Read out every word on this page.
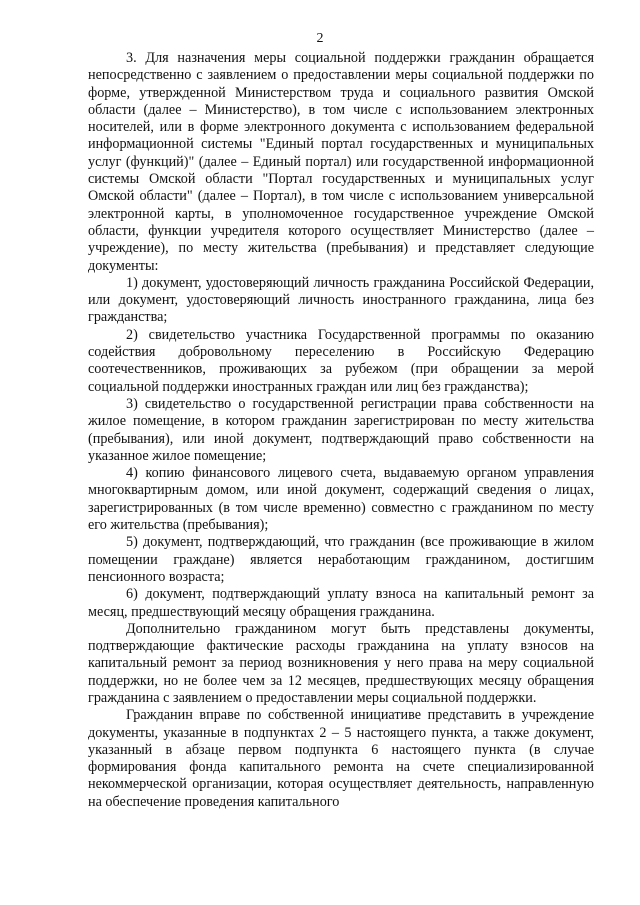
2

3. Для назначения меры социальной поддержки гражданин обращается непосредственно с заявлением о предоставлении меры социальной поддержки по форме, утвержденной Министерством труда и социального развития Омской области (далее – Министерство), в том числе с использованием электронных носителей, или в форме электронного документа с использованием федеральной информационной системы "Единый портал государственных и муниципальных услуг (функций)" (далее – Единый портал) или государственной информационной системы Омской области "Портал государственных и муниципальных услуг Омской области" (далее – Портал), в том числе с использованием универсальной электронной карты, в уполномоченное государственное учреждение Омской области, функции учредителя которого осуществляет Министерство (далее – учреждение), по месту жительства (пребывания) и представляет следующие документы:

1) документ, удостоверяющий личность гражданина Российской Федерации, или документ, удостоверяющий личность иностранного гражданина, лица без гражданства;

2) свидетельство участника Государственной программы по оказанию содействия добровольному переселению в Российскую Федерацию соотечественников, проживающих за рубежом (при обращении за мерой социальной поддержки иностранных граждан или лиц без гражданства);

3) свидетельство о государственной регистрации права собственности на жилое помещение, в котором гражданин зарегистрирован по месту жительства (пребывания), или иной документ, подтверждающий право собственности на указанное жилое помещение;

4) копию финансового лицевого счета, выдаваемую органом управления многоквартирным домом, или иной документ, содержащий сведения о лицах, зарегистрированных (в том числе временно) совместно с гражданином по месту его жительства (пребывания);

5) документ, подтверждающий, что гражданин (все проживающие в жилом помещении граждане) является неработающим гражданином, достигшим пенсионного возраста;

6) документ, подтверждающий уплату взноса на капитальный ремонт за месяц, предшествующий месяцу обращения гражданина.

Дополнительно гражданином могут быть представлены документы, подтверждающие фактические расходы гражданина на уплату взносов на капитальный ремонт за период возникновения у него права на меру социальной поддержки, но не более чем за 12 месяцев, предшествующих месяцу обращения гражданина с заявлением о предоставлении меры социальной поддержки.

Гражданин вправе по собственной инициативе представить в учреждение документы, указанные в подпунктах 2 – 5 настоящего пункта, а также документ, указанный в абзаце первом подпункта 6 настоящего пункта (в случае формирования фонда капитального ремонта на счете специализированной некоммерческой организации, которая осуществляет деятельность, направленную на обеспечение проведения капитального
